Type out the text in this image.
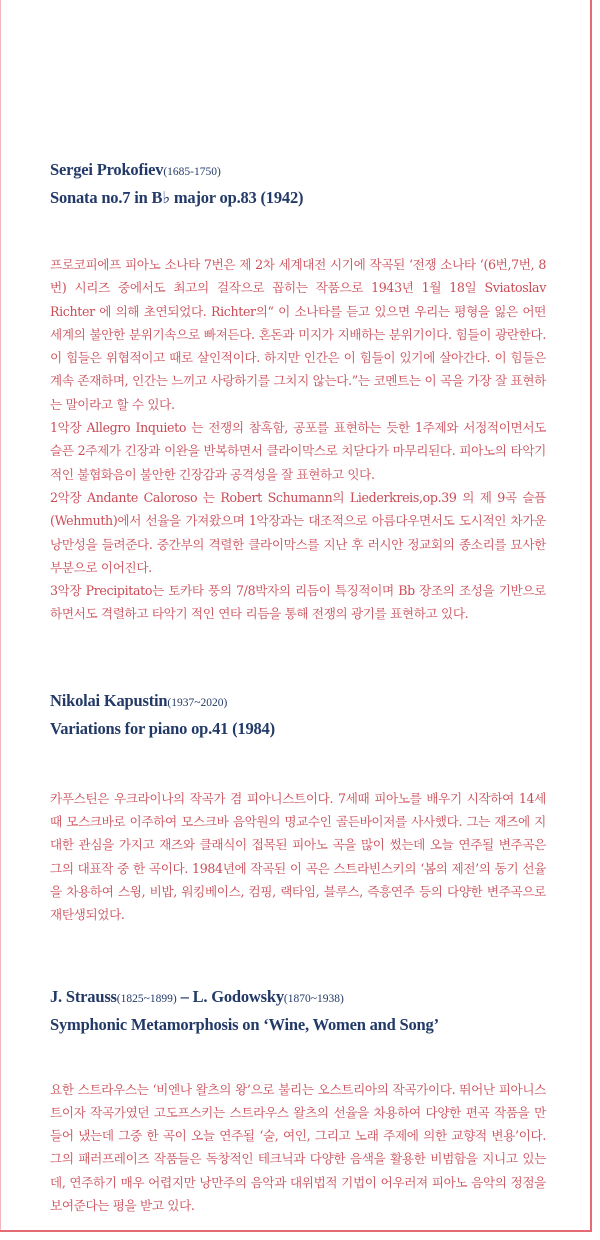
Sergei Prokofiev(1685-1750)
Sonata no.7 in B♭ major op.83 (1942)

프로코피에프 피아노 소나타 7번은 제 2차 세계대전 시기에 작곡된 ‘전쟁 소나타 ‘(6번,7번, 8번) 시리즈 중에서도 최고의 걸작으로 꼽히는 작품으로 1943년 1월 18일 Sviatoslav Richter 에 의해 초연되었다. Richter의“ 이 소나타를 듣고 있으면 우리는 평형을 잃은 어떤 세계의 불안한 분위기속으로 빠져든다. 혼돈과 미지가 지배하는 분위기이다. 힘들이 광란한다. 이 힘들은 위협적이고 때로 살인적이다. 하지만 인간은 이 힘들이 있기에 살아간다. 이 힘들은 계속 존재하며, 인간는 느끼고 사랑하기를 그치지 않는다.”는 코멘트는 이 곡을 가장 잘 표현하는 말이라고 할 수 있다.

1악장 Allegro Inquieto 는 전쟁의 참혹함, 공포를 표현하는 듯한 1주제와 서정적이면서도 슬픈 2주제가 긴장과 이완을 반복하면서 클라이막스로 치닫다가 마무리된다. 피아노의 타악기적인 불협화음이 불안한 긴장감과 공격성을 잘 표현하고 잇다.

2악장 Andante Caloroso 는 Robert Schumann의 Liederkreis,op.39 의 제 9곡 슬픔 (Wehmuth)에서 선율을 가져왔으며 1악장과는 대조적으로 아름다우면서도 도시적인 차가운 낭만성을 들려준다. 중간부의 격렬한 클라이막스를 지난 후 러시안 정교회의 종소리를 묘사한 부분으로 이어진다.

3악장 Precipitato는 토카타 풍의 7/8박자의 리듬이 특징적이며 Bb 장조의 조성을 기반으로 하면서도 격렬하고 타악기 적인 연타 리듬을 통해 전쟁의 광기를 표현하고 있다.

Nikolai Kapustin(1937~2020)
Variations for piano op.41 (1984)

카푸스틴은 우크라이나의 작곡가 겸 피아니스트이다. 7세때 피아노를 배우기 시작하여 14세때 모스크바로 이주하여 모스크바 음악원의 명교수인 골든바이저를 사사했다. 그는 재즈에 지대한 관심을 가지고 재즈와 클래식이 접목된 피아노 곡을 많이 썼는데 오늘 연주될 변주곡은 그의 대표작 중 한 곡이다. 1984년에 작곡된 이 곡은 스트라빈스키의 ‘봄의 제전’의 동기 선율을 차용하여 스윙, 비밥, 워킹베이스, 컴핑, 랙타임, 블루스, 즉흥연주 등의 다양한 변주곡으로 재탄생되었다.

J. Strauss(1825~1899) – L. Godowsky(1870~1938)
Symphonic Metamorphosis on ‘Wine, Women and Song’

요한 스트라우스는 ‘비엔나 왈츠의 왕’으로 불리는 오스트리아의 작곡가이다. 뛰어난 피아니스트이자 작곡가였던 고도프스키는 스트라우스 왈츠의 선율을 차용하여 다양한 편곡 작품을 만들어 냈는데 그중 한 곡이 오늘 연주될 ‘술, 여인, 그리고 노래 주제에 의한 교향적 변용’이다. 그의 패러프레이즈 작품들은 독창적인 테크닉과 다양한 음색을 활용한 비범함을 지니고 있는데, 연주하기 매우 어렵지만 낭만주의 음악과 대위법적 기법이 어우러져 피아노 음악의 정점을 보여준다는 평을 받고 있다.
